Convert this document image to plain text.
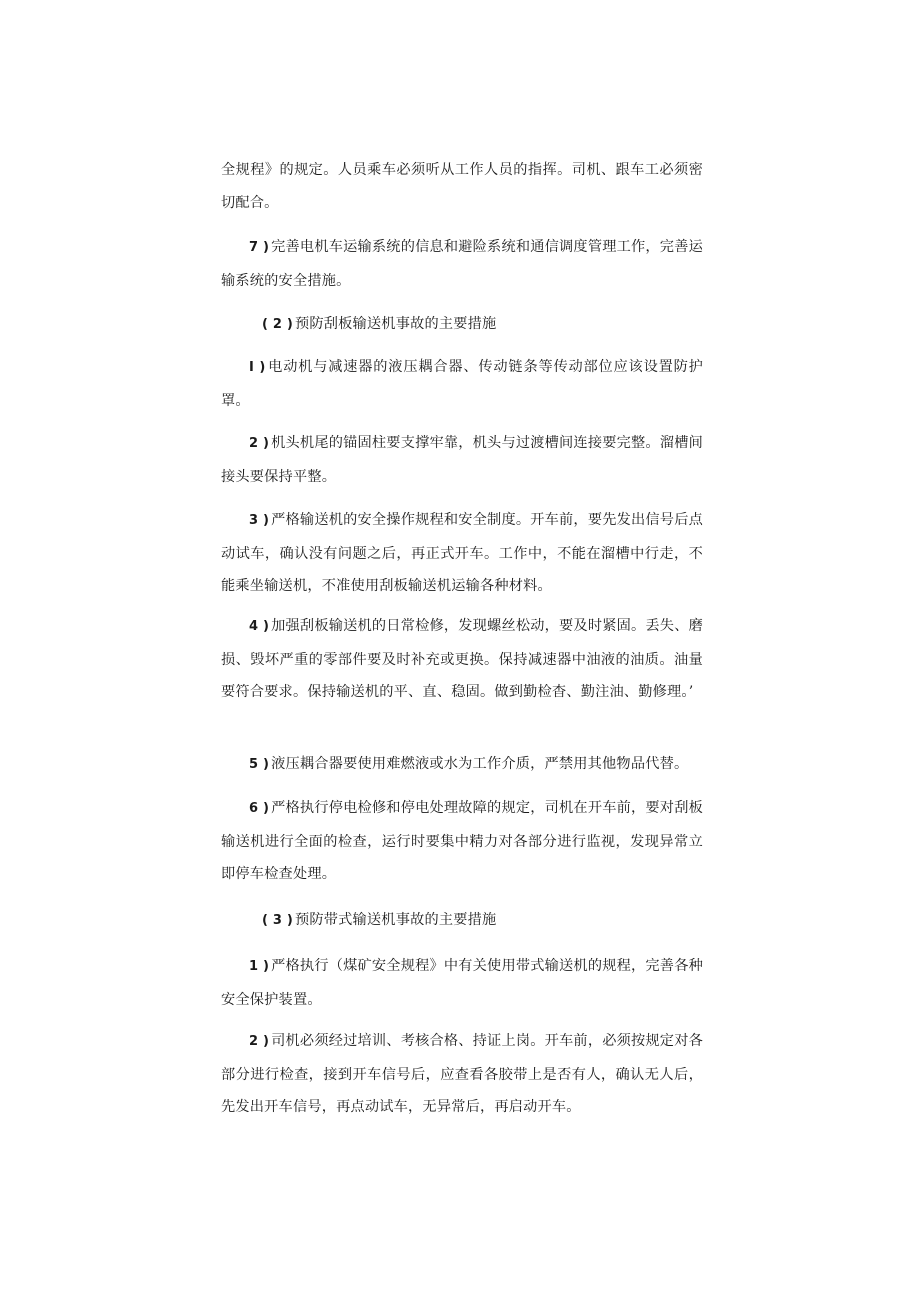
全规程》的规定。人员乘车必须听从工作人员的指挥。司机、跟车工必须密切配合。

7 ) 完善电机车运输系统的信息和避险系统和通信调度管理工作，完善运输系统的安全措施。

( 2 ) 预防刮板输送机事故的主要措施

I ) 电动机与减速器的液压耦合器、传动链条等传动部位应该设置防护罩。

2 ) 机头机尾的锚固柱要支撑牢靠，机头与过渡槽间连接要完整。溜槽间接头要保持平整。

3 ) 严格输送机的安全操作规程和安全制度。开车前，要先发出信号后点动试车，确认没有问题之后，再正式开车。工作中，不能在溜槽中行走，不能乘坐输送机，不准使用刮板输送机运输各种材料。

4 ) 加强刮板输送机的日常检修，发现螺丝松动，要及时紧固。丢失、磨损、毁坏严重的零部件要及时补充或更换。保持减速器中油液的油质。油量要符合要求。保持输送机的平、直、稳固。做到勤检杳、勤注油、勤修理。’

5 ) 液压耦合器要使用难燃液或水为工作介质，严禁用其他物品代替。

6 ) 严格执行停电检修和停电处理故障的规定，司机在开车前，要对刮板输送机进行全面的检查，运行时要集中精力对各部分进行监视，发现异常立即停车检查处理。

( 3 ) 预防带式输送机事故的主要措施

1 ) 严格执行（煤矿安全规程》中有关使用带式输送机的规程，完善各种安全保护装置。

2 ) 司机必须经过培训、考核合格、持证上岗。开车前，必须按规定对各部分进行检查，接到开车信号后，应查看各胶带上是否有人，确认无人后，先发出开车信号，再点动试车，无异常后，再启动开车。
